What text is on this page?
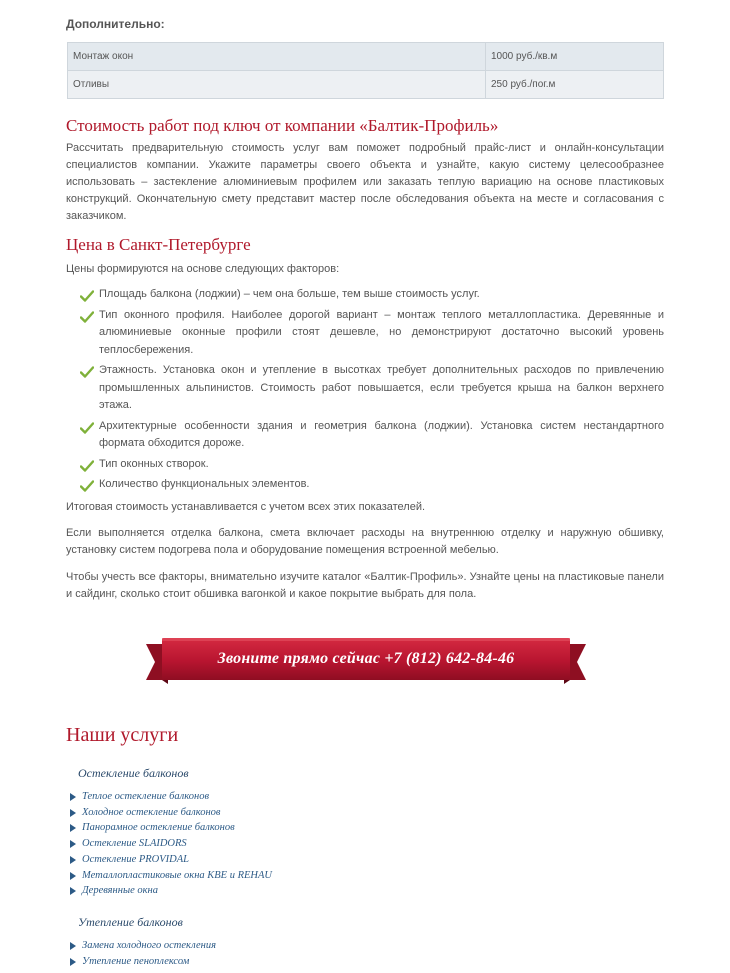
Дополнительно:
Монтаж окон	1000 руб./кв.м
Отливы	250 руб./пог.м
Стоимость работ под ключ от компании «Балтик-Профиль»

Рассчитать предварительную стоимость услуг вам поможет подробный прайс-лист и онлайн-консультации специалистов компании. Укажите параметры своего объекта и узнайте, какую систему целесообразнее использовать – застекление алюминиевым профилем или заказать теплую вариацию на основе пластиковых конструкций. Окончательную смету представит мастер после обследования объекта на месте и согласования с заказчиком.

Цена в Санкт-Петербурге

Цены формируются на основе следующих факторов:

Площадь балкона (лоджии) – чем она больше, тем выше стоимость услуг.
Тип оконного профиля. Наиболее дорогой вариант – монтаж теплого металлопластика. Деревянные и алюминиевые оконные профили стоят дешевле, но демонстрируют достаточно высокий уровень теплосбережения.
Этажность. Установка окон и утепление в высотках требует дополнительных расходов по привлечению промышленных альпинистов. Стоимость работ повышается, если требуется крыша на балкон верхнего этажа.
Архитектурные особенности здания и геометрия балкона (лоджии). Установка систем нестандартного формата обходится дороже.
Тип оконных створок.
Количество функциональных элементов.

Итоговая стоимость устанавливается с учетом всех этих показателей.

Если выполняется отделка балкона, смета включает расходы на внутреннюю отделку и наружную обшивку, установку систем подогрева пола и оборудование помещения встроенной мебелью.

Чтобы учесть все факторы, внимательно изучите каталог «Балтик-Профиль». Узнайте цены на пластиковые панели и сайдинг, сколько стоит обшивка вагонкой и какое покрытие выбрать для пола.

Звоните прямо сейчас +7 (812) 642-84-46
Наши услуги
Остекление балконов
Теплое остекление балконов
Холодное остекление балконов
Панорамное остекление балконов
Остекление SLAIDORS
Остекление PROVIDAL
Металлопластиковые окна КВЕ и REHAU
Деревянные окна
Утепление балконов
Замена холодного остекления
Утепление пеноплексом
